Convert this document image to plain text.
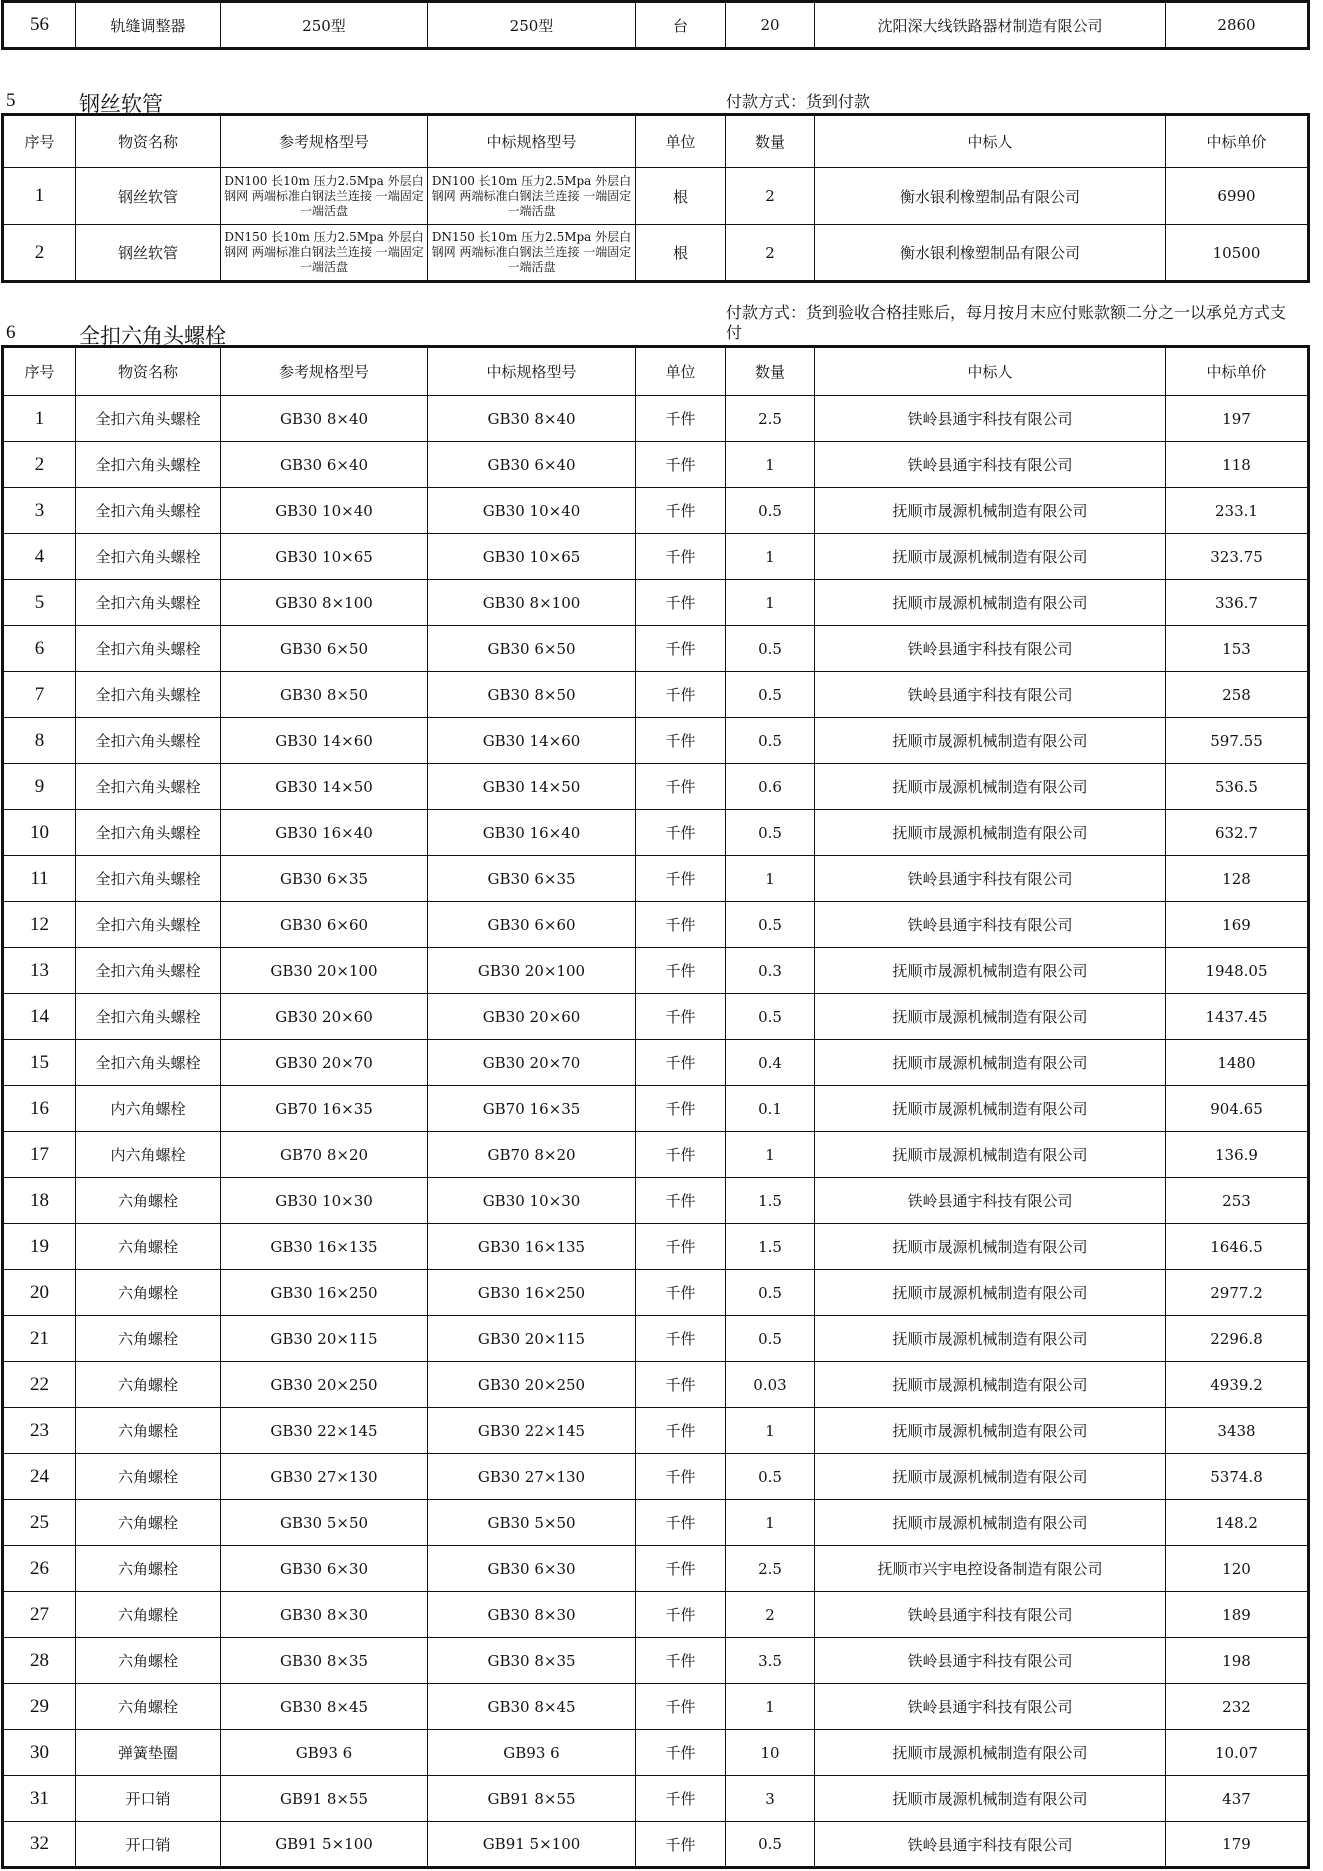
56	轨缝调整器	250型	250型	台	20	沈阳深大线铁路器材制造有限公司	2860
5	钢丝软管	付款方式：货到付款
序号	物资名称	参考规格型号	中标规格型号	单位	数量	中标人	中标单价
1	钢丝软管	DN100 长10m 压力2.5Mpa 外层白钢网 两端标准白钢法兰连接 一端固定 一端活盘	DN100 长10m 压力2.5Mpa 外层白钢网 两端标准白钢法兰连接 一端固定 一端活盘	根	2	衡水银利橡塑制品有限公司	6990
2	钢丝软管	DN150 长10m 压力2.5Mpa 外层白钢网 两端标准白钢法兰连接 一端固定 一端活盘	DN150 长10m 压力2.5Mpa 外层白钢网 两端标准白钢法兰连接 一端固定 一端活盘	根	2	衡水银利橡塑制品有限公司	10500
6	全扣六角头螺栓
付款方式：货到验收合格挂账后，每月按月末应付账款额二分之一以承兑方式支付
序号	物资名称	参考规格型号	中标规格型号	单位	数量	中标人	中标单价
1	全扣六角头螺栓	GB30 8×40	GB30 8×40	千件	2.5	铁岭县通宇科技有限公司	197
2	全扣六角头螺栓	GB30 6×40	GB30 6×40	千件	1	铁岭县通宇科技有限公司	118
3	全扣六角头螺栓	GB30 10×40	GB30 10×40	千件	0.5	抚顺市晟源机械制造有限公司	233.1
4	全扣六角头螺栓	GB30 10×65	GB30 10×65	千件	1	抚顺市晟源机械制造有限公司	323.75
5	全扣六角头螺栓	GB30 8×100	GB30 8×100	千件	1	抚顺市晟源机械制造有限公司	336.7
6	全扣六角头螺栓	GB30 6×50	GB30 6×50	千件	0.5	铁岭县通宇科技有限公司	153
7	全扣六角头螺栓	GB30 8×50	GB30 8×50	千件	0.5	铁岭县通宇科技有限公司	258
8	全扣六角头螺栓	GB30 14×60	GB30 14×60	千件	0.5	抚顺市晟源机械制造有限公司	597.55
9	全扣六角头螺栓	GB30 14×50	GB30 14×50	千件	0.6	抚顺市晟源机械制造有限公司	536.5
10	全扣六角头螺栓	GB30 16×40	GB30 16×40	千件	0.5	抚顺市晟源机械制造有限公司	632.7
11	全扣六角头螺栓	GB30 6×35	GB30 6×35	千件	1	铁岭县通宇科技有限公司	128
12	全扣六角头螺栓	GB30 6×60	GB30 6×60	千件	0.5	铁岭县通宇科技有限公司	169
13	全扣六角头螺栓	GB30 20×100	GB30 20×100	千件	0.3	抚顺市晟源机械制造有限公司	1948.05
14	全扣六角头螺栓	GB30 20×60	GB30 20×60	千件	0.5	抚顺市晟源机械制造有限公司	1437.45
15	全扣六角头螺栓	GB30 20×70	GB30 20×70	千件	0.4	抚顺市晟源机械制造有限公司	1480
16	内六角螺栓	GB70 16×35	GB70 16×35	千件	0.1	抚顺市晟源机械制造有限公司	904.65
17	内六角螺栓	GB70 8×20	GB70 8×20	千件	1	抚顺市晟源机械制造有限公司	136.9
18	六角螺栓	GB30 10×30	GB30 10×30	千件	1.5	铁岭县通宇科技有限公司	253
19	六角螺栓	GB30 16×135	GB30 16×135	千件	1.5	抚顺市晟源机械制造有限公司	1646.5
20	六角螺栓	GB30 16×250	GB30 16×250	千件	0.5	抚顺市晟源机械制造有限公司	2977.2
21	六角螺栓	GB30 20×115	GB30 20×115	千件	0.5	抚顺市晟源机械制造有限公司	2296.8
22	六角螺栓	GB30 20×250	GB30 20×250	千件	0.03	抚顺市晟源机械制造有限公司	4939.2
23	六角螺栓	GB30 22×145	GB30 22×145	千件	1	抚顺市晟源机械制造有限公司	3438
24	六角螺栓	GB30 27×130	GB30 27×130	千件	0.5	抚顺市晟源机械制造有限公司	5374.8
25	六角螺栓	GB30 5×50	GB30 5×50	千件	1	抚顺市晟源机械制造有限公司	148.2
26	六角螺栓	GB30 6×30	GB30 6×30	千件	2.5	抚顺市兴宇电控设备制造有限公司	120
27	六角螺栓	GB30 8×30	GB30 8×30	千件	2	铁岭县通宇科技有限公司	189
28	六角螺栓	GB30 8×35	GB30 8×35	千件	3.5	铁岭县通宇科技有限公司	198
29	六角螺栓	GB30 8×45	GB30 8×45	千件	1	铁岭县通宇科技有限公司	232
30	弹簧垫圈	GB93 6	GB93 6	千件	10	抚顺市晟源机械制造有限公司	10.07
31	开口销	GB91 8×55	GB91 8×55	千件	3	抚顺市晟源机械制造有限公司	437
32	开口销	GB91 5×100	GB91 5×100	千件	0.5	铁岭县通宇科技有限公司	179
